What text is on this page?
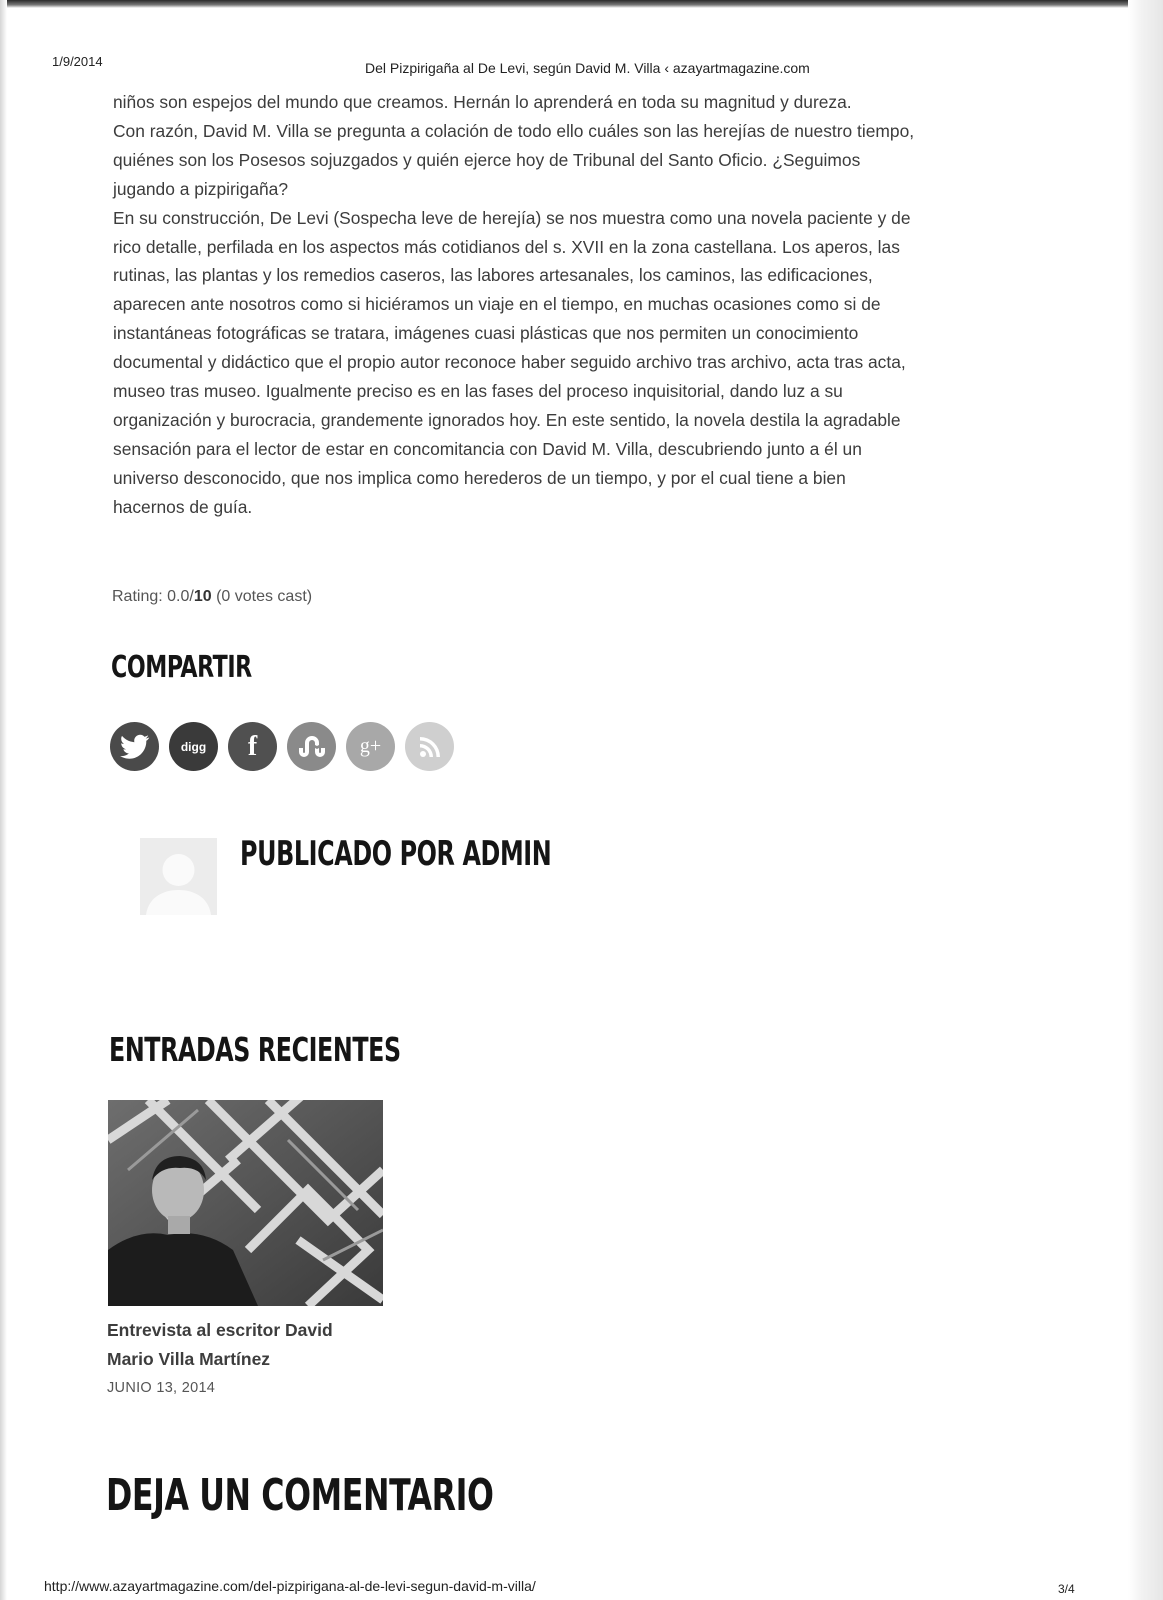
1/9/2014	Del Pizpirigaña al De Levi, según David M. Villa ‹ azayartmagazine.com

niños son espejos del mundo que creamos. Hernán lo aprenderá en toda su magnitud y dureza.

Con razón, David M. Villa se pregunta a colación de todo ello cuáles son las herejías de nuestro tiempo,
quiénes son los Posesos sojuzgados y quién ejerce hoy de Tribunal del Santo Oficio. ¿Seguimos
jugando a pizpirigaña?

En su construcción, De Levi (Sospecha leve de herejía) se nos muestra como una novela paciente y de
rico detalle, perfilada en los aspectos más cotidianos del s. XVII en la zona castellana. Los aperos, las
rutinas, las plantas y los remedios caseros, las labores artesanales, los caminos, las edificaciones,
aparecen ante nosotros como si hiciéramos un viaje en el tiempo, en muchas ocasiones como si de
instantáneas fotográficas se tratara, imágenes cuasi plásticas que nos permiten un conocimiento
documental y didáctico que el propio autor reconoce haber seguido archivo tras archivo, acta tras acta,
museo tras museo. Igualmente preciso es en las fases del proceso inquisitorial, dando luz a su
organización y burocracia, grandemente ignorados hoy. En este sentido, la novela destila la agradable
sensación para el lector de estar en concomitancia con David M. Villa, descubriendo junto a él un
universo desconocido, que nos implica como herederos de un tiempo, y por el cual tiene a bien
hacernos de guía.

Rating: 0.0/10 (0 votes cast)
COMPARTIR
digg f	g+
PUBLICADO POR ADMIN
ENTRADAS RECIENTES
Entrevista al escritor David
Mario Villa Martínez
JUNIO 13, 2014
DEJA UN COMENTARIO
http://www.azayartmagazine.com/del-pizpirigana-al-de-levi-segun-david-m-villa/	3/4
